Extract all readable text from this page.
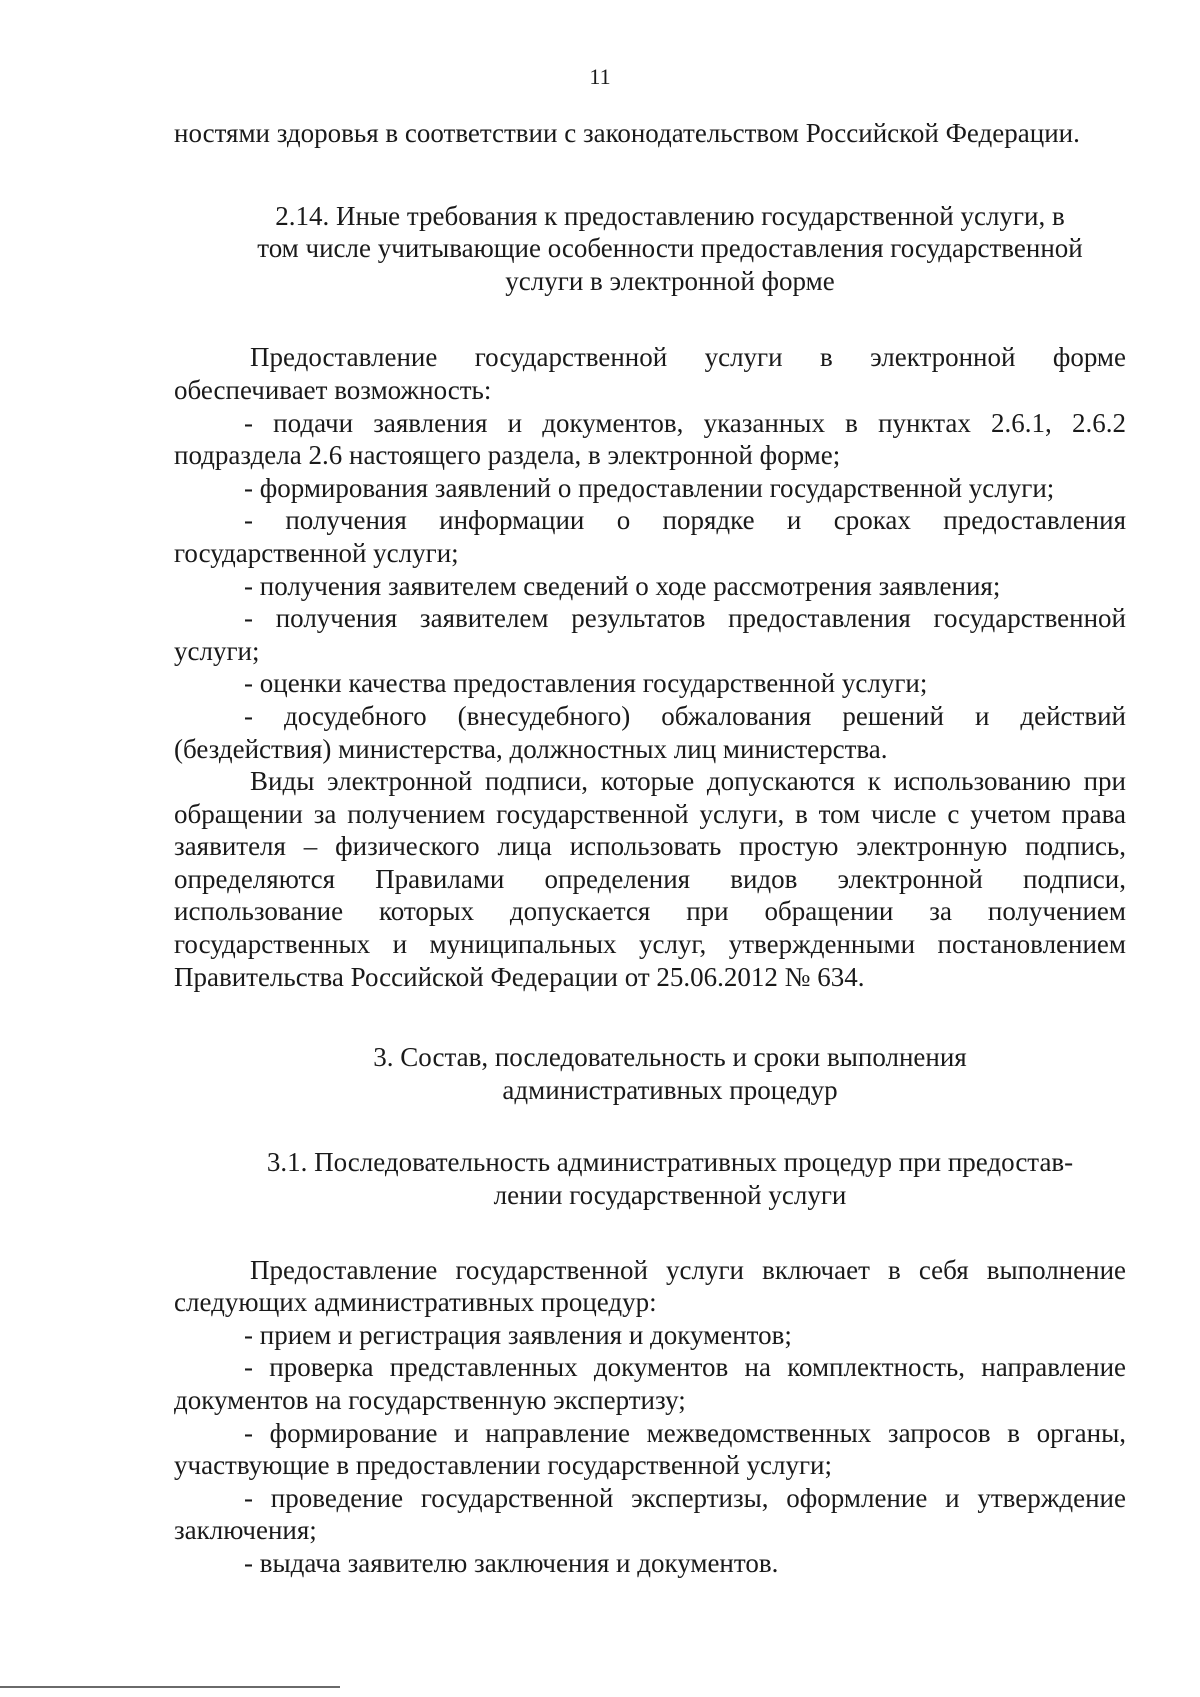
11

ностями здоровья в соответствии с законодательством Российской Федерации.

2.14. Иные требования к предоставлению государственной услуги, в
том числе учитывающие особенности предоставления государственной
услуги в электронной форме

Предоставление государственной услуги в электронной форме обеспечивает возможность:

- подачи заявления и документов, указанных в пунктах 2.6.1, 2.6.2 подраздела 2.6 настоящего раздела, в электронной форме;

- формирования заявлений о предоставлении государственной услуги;

- получения информации о порядке и сроках предоставления государственной услуги;

- получения заявителем сведений о ходе рассмотрения заявления;

- получения заявителем результатов предоставления государственной услуги;

- оценки качества предоставления государственной услуги;

- досудебного (внесудебного) обжалования решений и действий (бездействия) министерства, должностных лиц министерства.

Виды электронной подписи, которые допускаются к использованию при обращении за получением государственной услуги, в том числе с учетом права заявителя – физического лица использовать простую электронную подпись, определяются Правилами определения видов электронной подписи, использование которых допускается при обращении за получением государственных и муниципальных услуг, утвержденными постановлением Правительства Российской Федерации от 25.06.2012 № 634.

3. Состав, последовательность и сроки выполнения
административных процедур
3.1. Последовательность административных процедур при предостав-
лении государственной услуги

Предоставление государственной услуги включает в себя выполнение следующих административных процедур:

- прием и регистрация заявления и документов;

- проверка представленных документов на комплектность, направление документов на государственную экспертизу;

- формирование и направление межведомственных запросов в органы, участвующие в предоставлении государственной услуги;

- проведение государственной экспертизы, оформление и утверждение заключения;

- выдача заявителю заключения и документов.
